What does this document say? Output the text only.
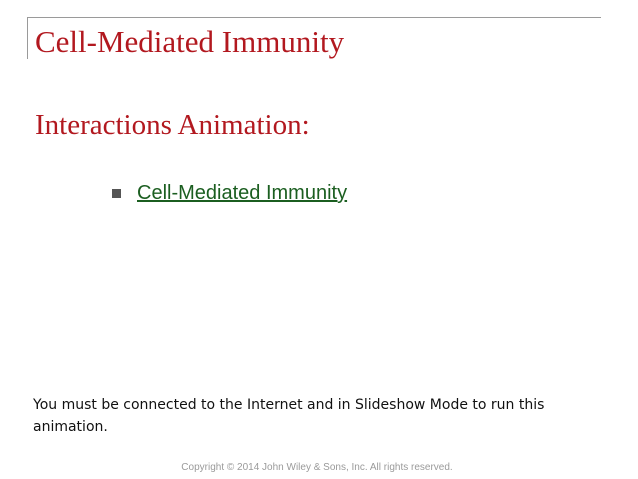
Cell-Mediated Immunity
Interactions Animation:
Cell-Mediated Immunity

You must be connected to the Internet and in Slideshow Mode to run this animation.

Copyright © 2014 John Wiley & Sons, Inc. All rights reserved.
